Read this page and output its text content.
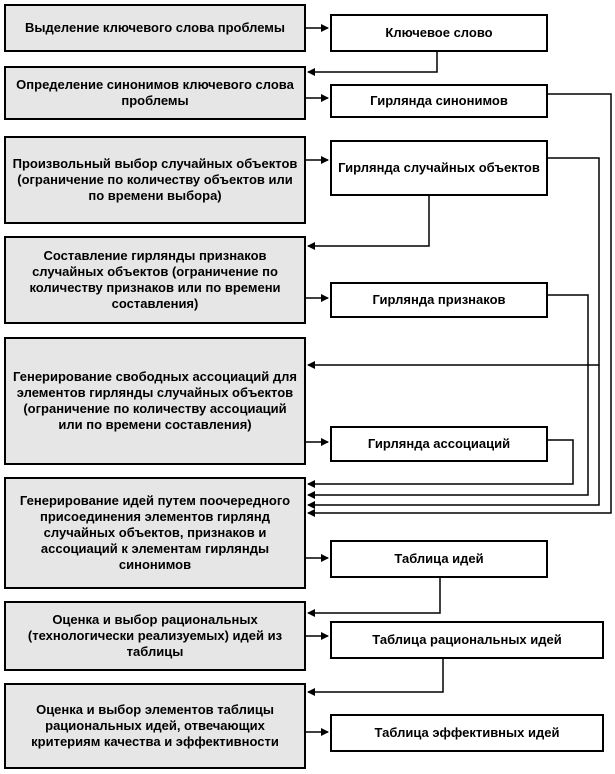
Выделение ключевого слова проблемы
Определение синонимов ключевого слова проблемы
Произвольный выбор случайных объектов (ограничение по количеству объектов или по времени выбора)
Составление гирлянды признаков случайных объектов (ограничение по количеству признаков или по времени составления)
Генерирование свободных ассоциаций для элементов гирлянды случайных объектов (ограничение по количеству ассоциаций или по времени составления)
Генерирование идей путем поочередного присоединения элементов гирлянд случайных объектов, признаков и ассоциаций к элементам гирлянды синонимов
Оценка и выбор рациональных (технологически реализуемых) идей из таблицы
Оценка и выбор элементов таблицы рациональных идей, отвечающих критериям качества и эффективности
Ключевое слово
Гирлянда синонимов
Гирлянда случайных объектов
Гирлянда признаков
Гирлянда ассоциаций
Таблица идей
Таблица рациональных идей
Таблица эффективных идей
